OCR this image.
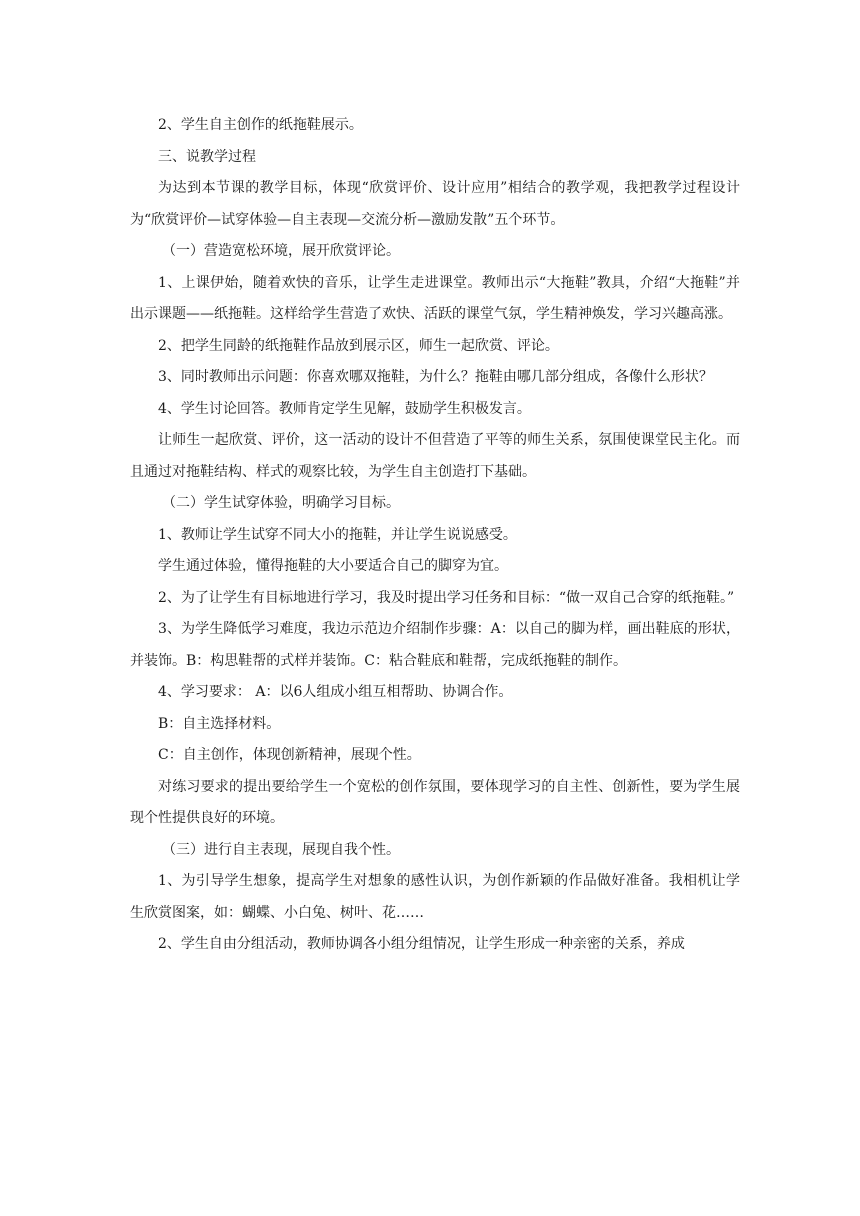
2、学生自主创作的纸拖鞋展示。

三、说教学过程

为达到本节课的教学目标，体现“欣赏评价、设计应用”相结合的教学观，我把教学过程设计为“欣赏评价—试穿体验—自主表现—交流分析—激励发散”五个环节。

（一）营造宽松环境，展开欣赏评论。

1、上课伊始，随着欢快的音乐，让学生走进课堂。教师出示“大拖鞋”教具，介绍“大拖鞋”并出示课题——纸拖鞋。这样给学生营造了欢快、活跃的课堂气氛，学生精神焕发，学习兴趣高涨。

2、把学生同龄的纸拖鞋作品放到展示区，师生一起欣赏、评论。

3、同时教师出示问题：你喜欢哪双拖鞋，为什么？拖鞋由哪几部分组成，各像什么形状？

4、学生讨论回答。教师肯定学生见解，鼓励学生积极发言。

让师生一起欣赏、评价，这一活动的设计不但营造了平等的师生关系，氛围使课堂民主化。而且通过对拖鞋结构、样式的观察比较，为学生自主创造打下基础。

（二）学生试穿体验，明确学习目标。

1、教师让学生试穿不同大小的拖鞋，并让学生说说感受。

学生通过体验，懂得拖鞋的大小要适合自己的脚穿为宜。

2、为了让学生有目标地进行学习，我及时提出学习任务和目标：“做一双自己合穿的纸拖鞋。”

3、为学生降低学习难度，我边示范边介绍制作步骤：A：以自己的脚为样，画出鞋底的形状，并装饰。B：构思鞋帮的式样并装饰。C：粘合鞋底和鞋帮，完成纸拖鞋的制作。

4、学习要求： A：以6人组成小组互相帮助、协调合作。

B：自主选择材料。

C：自主创作，体现创新精神，展现个性。

对练习要求的提出要给学生一个宽松的创作氛围，要体现学习的自主性、创新性，要为学生展现个性提供良好的环境。

（三）进行自主表现，展现自我个性。

1、为引导学生想象，提高学生对想象的感性认识，为创作新颖的作品做好准备。我相机让学生欣赏图案，如：蝴蝶、小白兔、树叶、花……

2、学生自由分组活动，教师协调各小组分组情况，让学生形成一种亲密的关系，养成
